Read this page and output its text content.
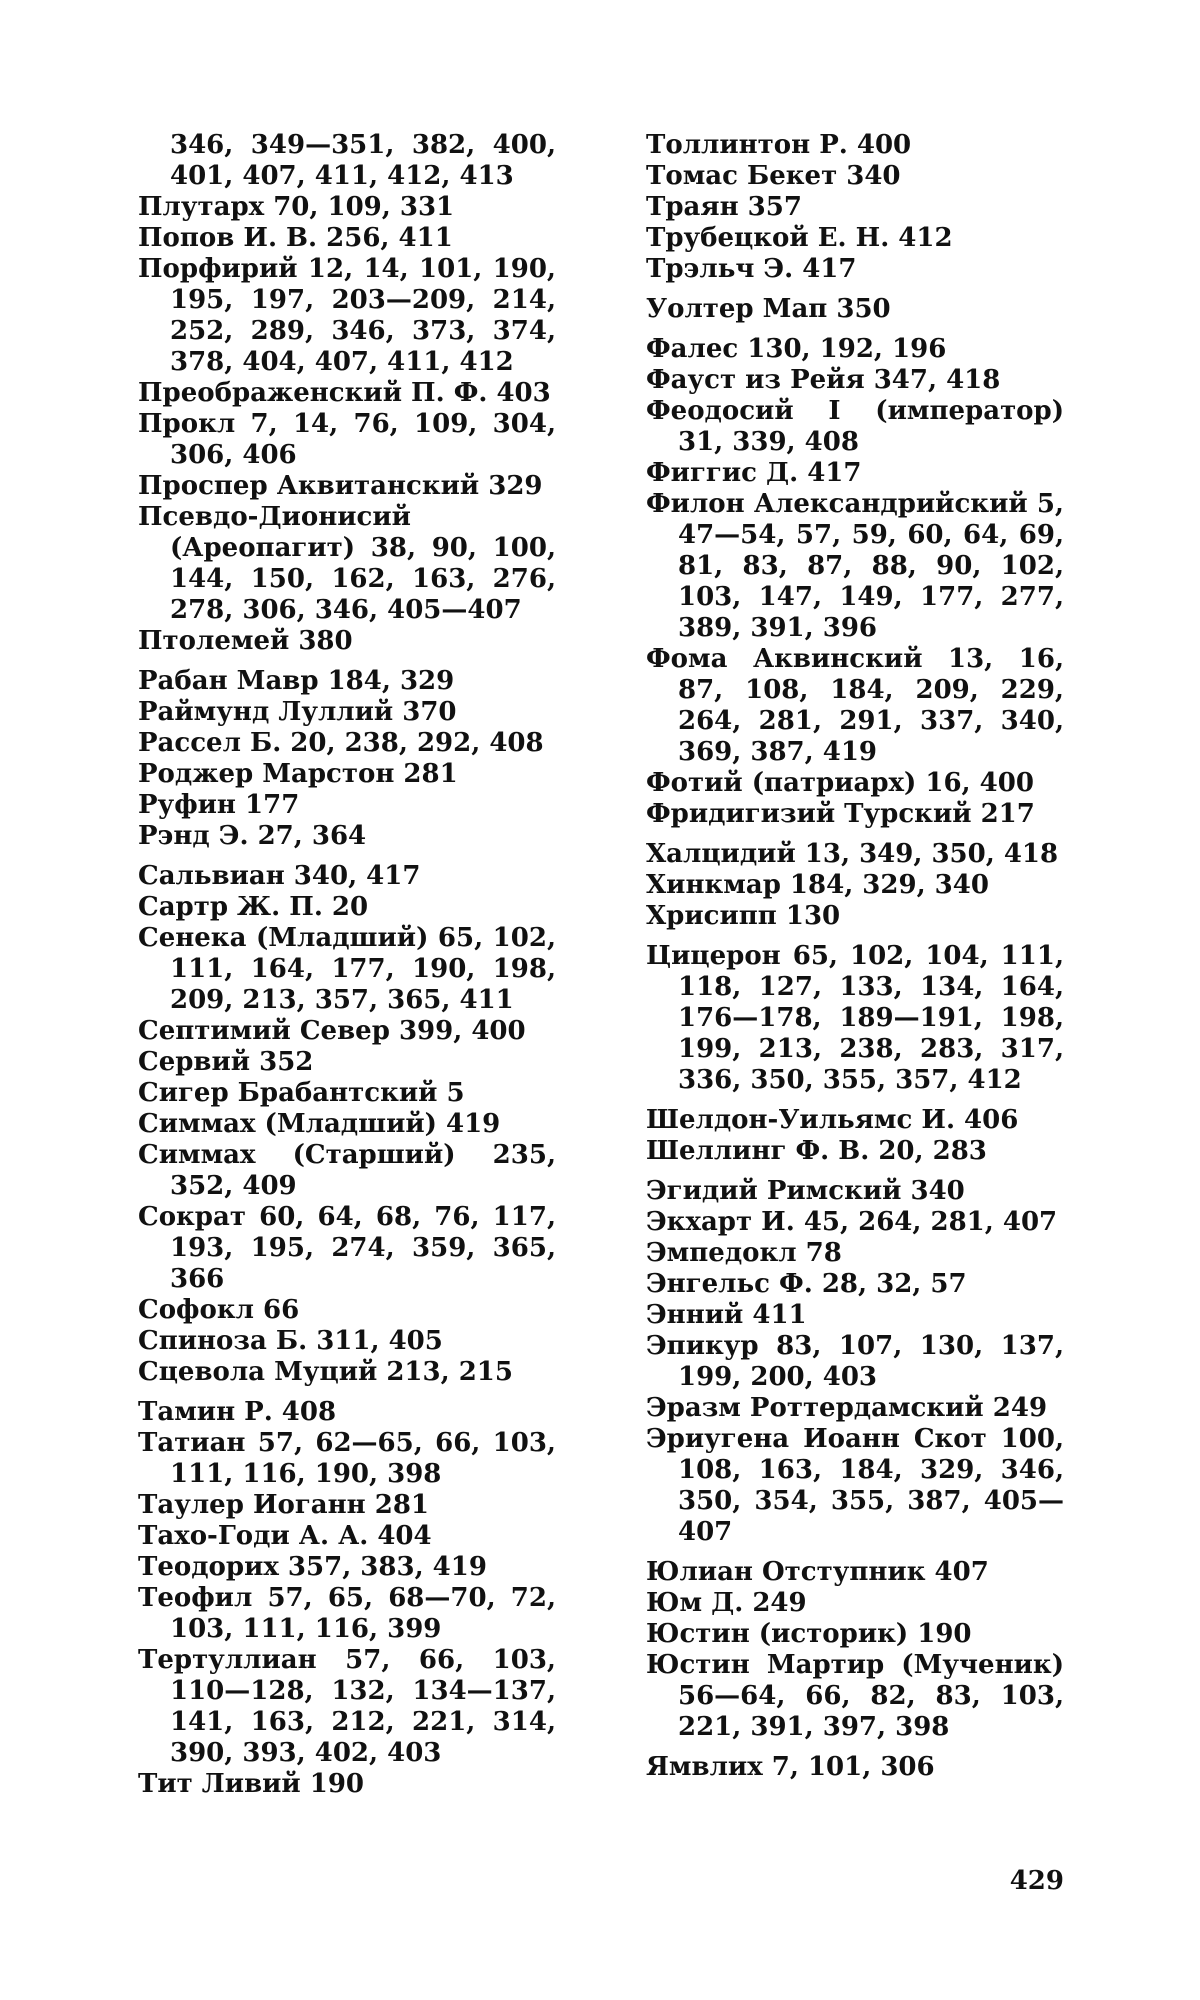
346, 349—351, 382, 400, 401, 407, 411, 412, 413
Плутарх 70, 109, 331
Попов И. В. 256, 411
Порфирий 12, 14, 101, 190, 195, 197, 203—209, 214, 252, 289, 346, 373, 374, 378, 404, 407, 411, 412
Преображенский П. Ф. 403
Прокл 7, 14, 76, 109, 304, 306, 406
Проспер Аквитанский 329
Псевдо-Дионисий (Ареопагит) 38, 90, 100, 144, 150, 162, 163, 276, 278, 306, 346, 405—407
Птолемей 380
Рабан Мавр 184, 329
Раймунд Луллий 370
Рассел Б. 20, 238, 292, 408
Роджер Марстон 281
Руфин 177
Рэнд Э. 27, 364
Сальвиан 340, 417
Сартр Ж. П. 20
Сенека (Младший) 65, 102, 111, 164, 177, 190, 198, 209, 213, 357, 365, 411
Септимий Север 399, 400
Сервий 352
Сигер Брабантский 5
Симмах (Младший) 419
Симмах (Старший) 235, 352, 409
Сократ 60, 64, 68, 76, 117, 193, 195, 274, 359, 365, 366
Софокл 66
Спиноза Б. 311, 405
Сцевола Муций 213, 215
Тамин Р. 408
Татиан 57, 62—65, 66, 103, 111, 116, 190, 398
Таулер Иоганн 281
Тахо-Годи А. А. 404
Теодорих 357, 383, 419
Теофил 57, 65, 68—70, 72, 103, 111, 116, 399
Тертуллиан 57, 66, 103, 110—128, 132, 134—137, 141, 163, 212, 221, 314, 390, 393, 402, 403
Тит Ливий 190
Толлинтон Р. 400
Томас Бекет 340
Траян 357
Трубецкой Е. Н. 412
Трэльч Э. 417
Уолтер Мап 350
Фалес 130, 192, 196
Фауст из Рейя 347, 418
Феодосий I (император) 31, 339, 408
Фиггис Д. 417
Филон Александрийский 5, 47—54, 57, 59, 60, 64, 69, 81, 83, 87, 88, 90, 102, 103, 147, 149, 177, 277, 389, 391, 396
Фома Аквинский 13, 16, 87, 108, 184, 209, 229, 264, 281, 291, 337, 340, 369, 387, 419
Фотий (патриарх) 16, 400
Фридигизий Турский 217
Халцидий 13, 349, 350, 418
Хинкмар 184, 329, 340
Хрисипп 130
Цицерон 65, 102, 104, 111, 118, 127, 133, 134, 164, 176—178, 189—191, 198, 199, 213, 238, 283, 317, 336, 350, 355, 357, 412
Шелдон-Уильямс И. 406
Шеллинг Ф. В. 20, 283
Эгидий Римский 340
Экхарт И. 45, 264, 281, 407
Эмпедокл 78
Энгельс Ф. 28, 32, 57
Энний 411
Эпикур 83, 107, 130, 137, 199, 200, 403
Эразм Роттердамский 249
Эриугена Иоанн Скот 100, 108, 163, 184, 329, 346, 350, 354, 355, 387, 405—407
Юлиан Отступник 407
Юм Д. 249
Юстин (историк) 190
Юстин Мартир (Мученик) 56—64, 66, 82, 83, 103, 221, 391, 397, 398
Ямвлих 7, 101, 306
429
